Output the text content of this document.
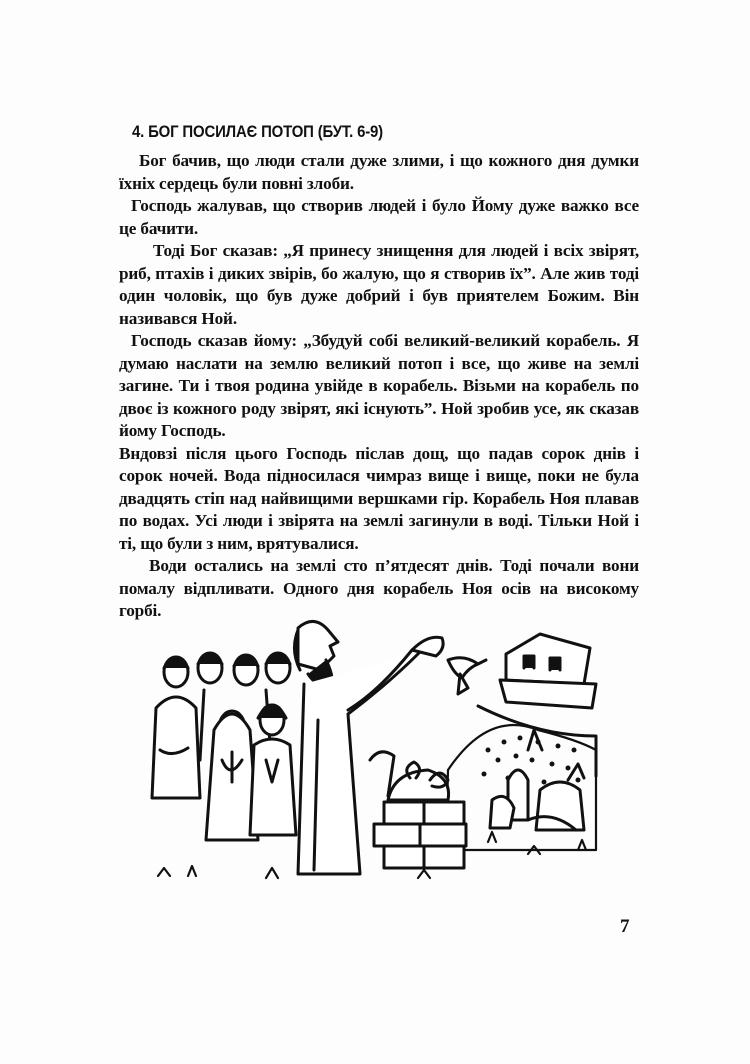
4. БОГ ПОСИЛАЄ ПОТОП (БУТ. 6-9)

Бог бачив, що люди стали дуже злими, і що кожного дня думки їхніх сердець були повні злоби.

Господь жалував, що створив людей і було Йому дуже важко все це бачити.

Тоді Бог сказав: „Я принесу знищення для людей і всіх звірят, риб, птахів і диких звірів, бо жалую, що я створив їх”. Але жив тоді один чоловік, що був дуже добрий і був приятелем Божим. Він називався Ной.

Господь сказав йому: „Збудуй собі великий-великий корабель. Я думаю наслати на землю великий потоп і все, що живе на землі загине. Ти і твоя родина увійде в корабель. Візьми на корабель по двоє із кожного роду звірят, які існують”. Ной зробив усе, як сказав йому Господь.

Вндовзі після цього Господь післав дощ, що падав сорок днів і сорок ночей. Вода підносилася чимраз вище і вище, поки не була двадцять стіп над найвищими вершками гір. Корабель Ноя плавав по водах. Усі люди і звірята на землі загинули в воді. Тільки Ной і ті, що були з ним, врятувалися.

Води остались на землі сто п’ятдесят днів. Тоді почали вони помалу відпливати. Одного дня корабель Ноя осів на високому горбі.

7
